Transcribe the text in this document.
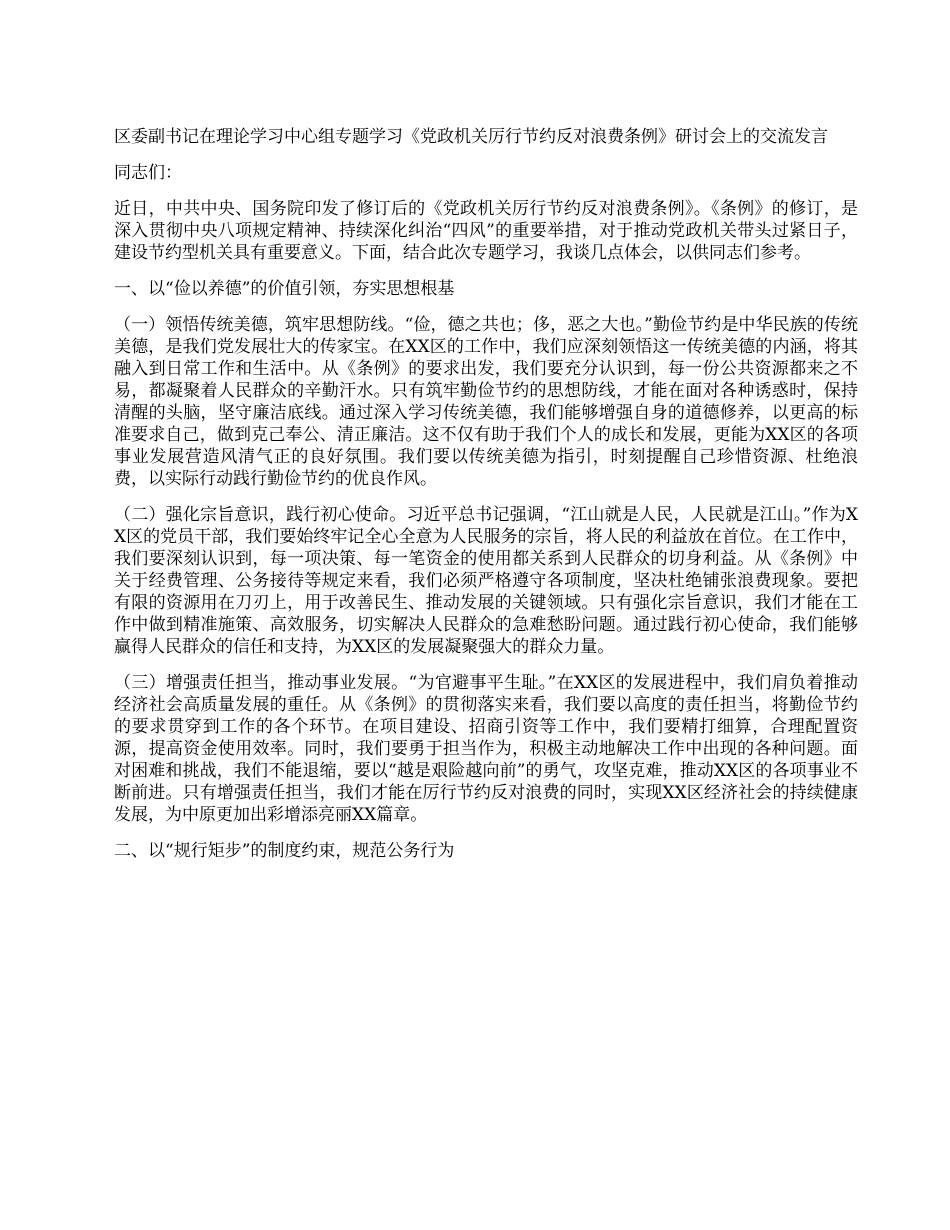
区委副书记在理论学习中心组专题学习《党政机关厉行节约反对浪费条例》研讨会上的交流发言

同志们：

近日，中共中央、国务院印发了修订后的《党政机关厉行节约反对浪费条例》。《条例》的修订，是深入贯彻中央八项规定精神、持续深化纠治“四风”的重要举措，对于推动党政机关带头过紧日子，建设节约型机关具有重要意义。下面，结合此次专题学习，我谈几点体会，以供同志们参考。

一、以“俭以养德”的价值引领，夯实思想根基

（一）领悟传统美德，筑牢思想防线。“俭，德之共也；侈，恶之大也。”勤俭节约是中华民族的传统美德，是我们党发展壮大的传家宝。在XX区的工作中，我们应深刻领悟这一传统美德的内涵，将其融入到日常工作和生活中。从《条例》的要求出发，我们要充分认识到，每一份公共资源都来之不易，都凝聚着人民群众的辛勤汗水。只有筑牢勤俭节约的思想防线，才能在面对各种诱惑时，保持清醒的头脑，坚守廉洁底线。通过深入学习传统美德，我们能够增强自身的道德修养，以更高的标准要求自己，做到克己奉公、清正廉洁。这不仅有助于我们个人的成长和发展，更能为XX区的各项事业发展营造风清气正的良好氛围。我们要以传统美德为指引，时刻提醒自己珍惜资源、杜绝浪费，以实际行动践行勤俭节约的优良作风。

（二）强化宗旨意识，践行初心使命。习近平总书记强调，“江山就是人民，人民就是江山。”作为XX区的党员干部，我们要始终牢记全心全意为人民服务的宗旨，将人民的利益放在首位。在工作中，我们要深刻认识到，每一项决策、每一笔资金的使用都关系到人民群众的切身利益。从《条例》中关于经费管理、公务接待等规定来看，我们必须严格遵守各项制度，坚决杜绝铺张浪费现象。要把有限的资源用在刀刃上，用于改善民生、推动发展的关键领域。只有强化宗旨意识，我们才能在工作中做到精准施策、高效服务，切实解决人民群众的急难愁盼问题。通过践行初心使命，我们能够赢得人民群众的信任和支持，为XX区的发展凝聚强大的群众力量。

（三）增强责任担当，推动事业发展。“为官避事平生耻。”在XX区的发展进程中，我们肩负着推动经济社会高质量发展的重任。从《条例》的贯彻落实来看，我们要以高度的责任担当，将勤俭节约的要求贯穿到工作的各个环节。在项目建设、招商引资等工作中，我们要精打细算，合理配置资源，提高资金使用效率。同时，我们要勇于担当作为，积极主动地解决工作中出现的各种问题。面对困难和挑战，我们不能退缩，要以“越是艰险越向前”的勇气，攻坚克难，推动XX区的各项事业不断前进。只有增强责任担当，我们才能在厉行节约反对浪费的同时，实现XX区经济社会的持续健康发展，为中原更加出彩增添亮丽XX篇章。

二、以“规行矩步”的制度约束，规范公务行为
